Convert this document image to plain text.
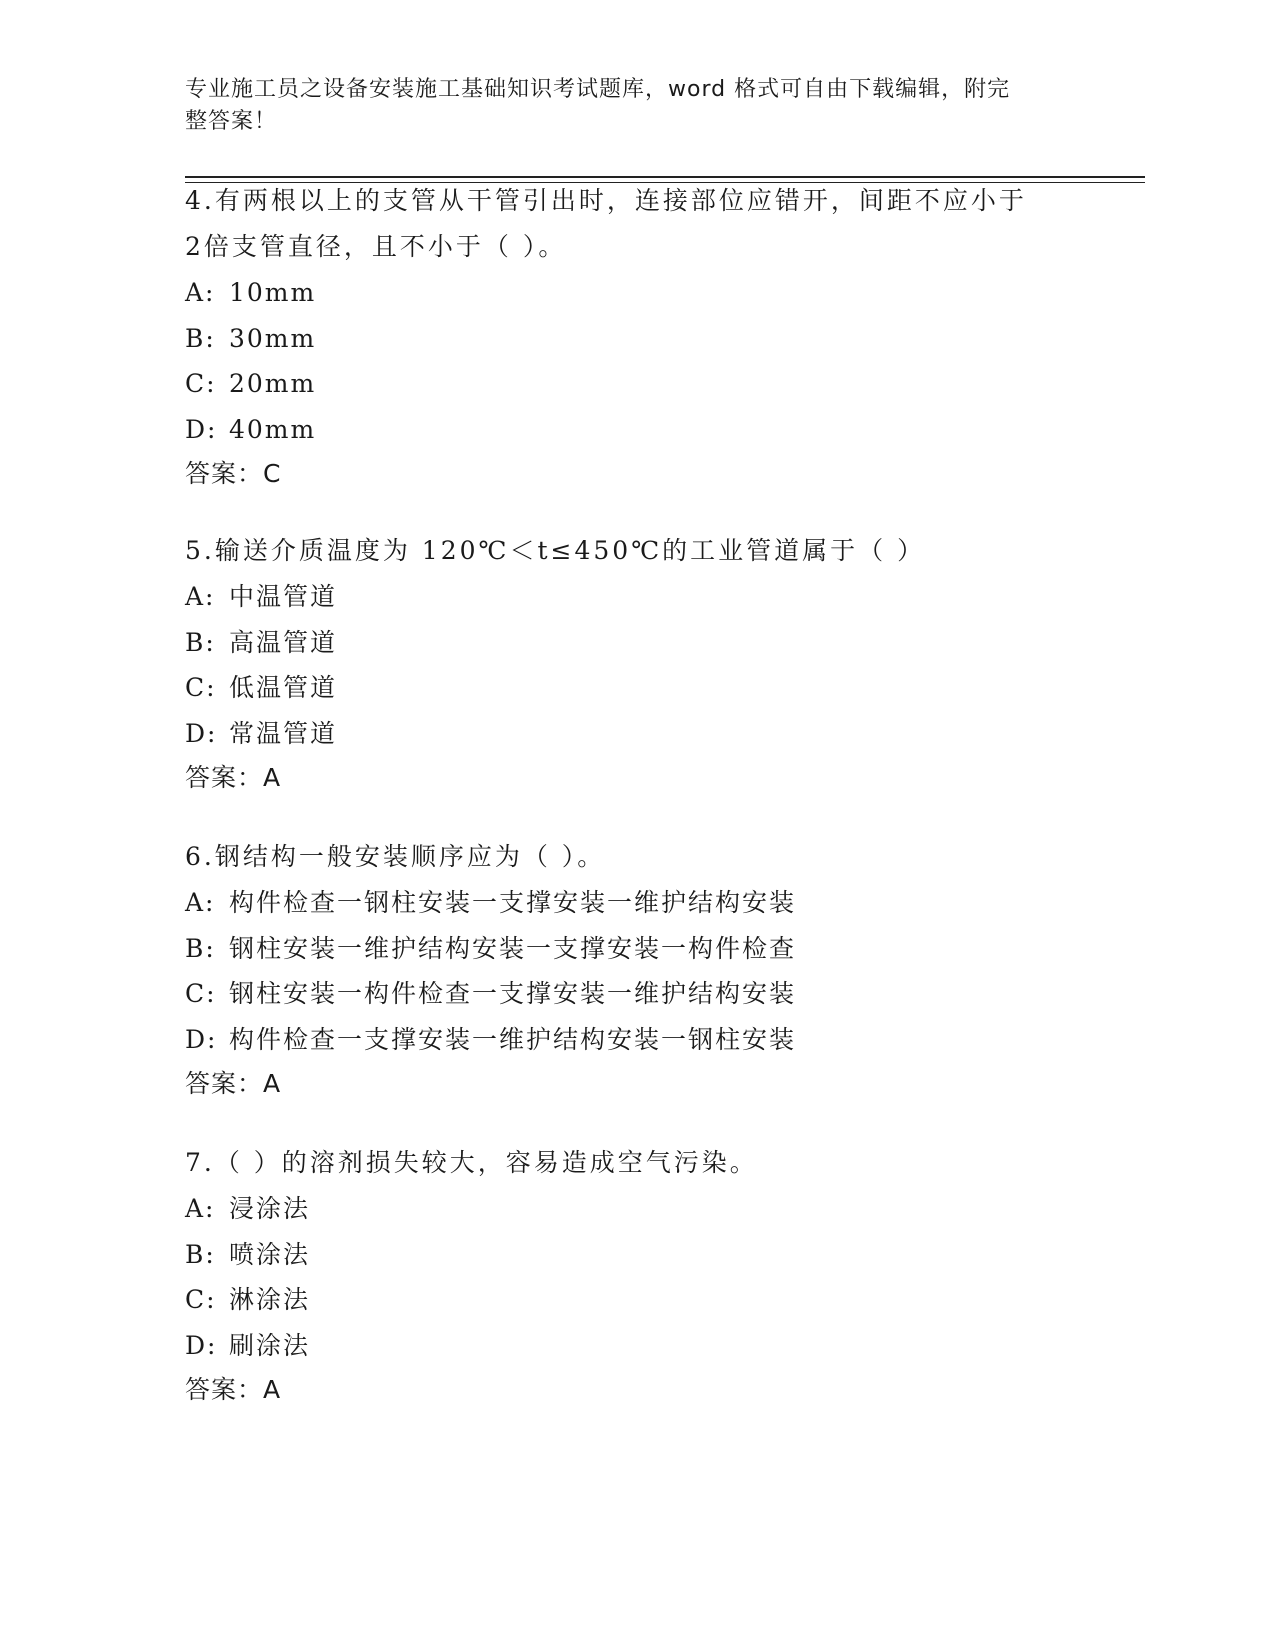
专业施工员之设备安装施工基础知识考试题库，word 格式可自由下载编辑，附完
整答案！

4.有两根以上的支管从干管引出时，连接部位应错开，间距不应小于

2倍支管直径，且不小于（ ）。

A: 10mm

B: 30mm

C: 20mm

D: 40mm

答案：C

5.输送介质温度为 120℃＜t≤450℃的工业管道属于（ ）

A: 中温管道

B: 高温管道

C: 低温管道

D: 常温管道

答案：A

6.钢结构一般安装顺序应为（ ）。

A: 构件检查一钢柱安装一支撑安装一维护结构安装

B: 钢柱安装一维护结构安装一支撑安装一构件检查

C: 钢柱安装一构件检查一支撑安装一维护结构安装

D: 构件检查一支撑安装一维护结构安装一钢柱安装

答案：A

7.（ ）的溶剂损失较大，容易造成空气污染。

A: 浸涂法

B: 喷涂法

C: 淋涂法

D: 刷涂法

答案：A
